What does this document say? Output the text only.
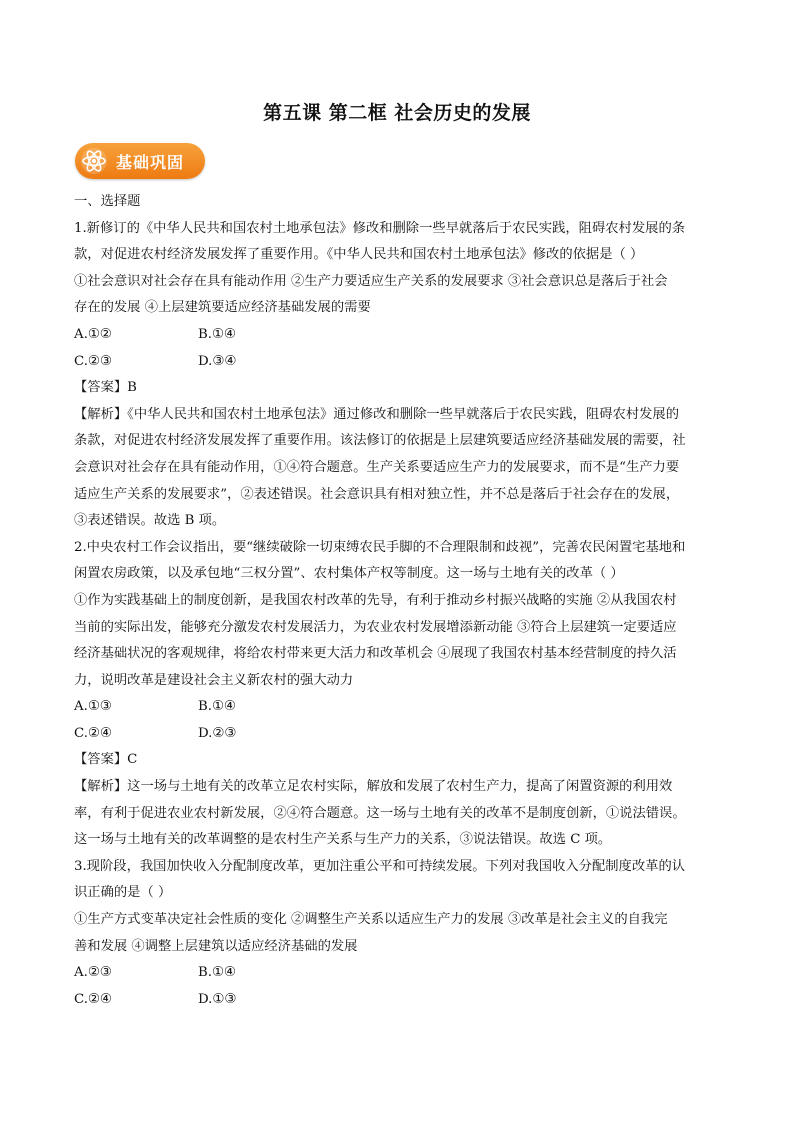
第五课 第二框 社会历史的发展
基础巩固
一、选择题
1.新修订的《中华人民共和国农村土地承包法》修改和删除一些早就落后于农民实践，阻碍农村发展的条
款，对促进农村经济发展发挥了重要作用。《中华人民共和国农村土地承包法》修改的依据是（ ）
①社会意识对社会存在具有能动作用 ②生产力要适应生产关系的发展要求 ③社会意识总是落后于社会
存在的发展 ④上层建筑要适应经济基础发展的需要
A.①②	B.①④
C.②③	D.③④
【答案】B
【解析】《中华人民共和国农村土地承包法》通过修改和删除一些早就落后于农民实践，阻碍农村发展的
条款，对促进农村经济发展发挥了重要作用。该法修订的依据是上层建筑要适应经济基础发展的需要，社
会意识对社会存在具有能动作用，①④符合题意。生产关系要适应生产力的发展要求，而不是“生产力要
适应生产关系的发展要求”，②表述错误。社会意识具有相对独立性，并不总是落后于社会存在的发展，
③表述错误。故选 B 项。
2.中央农村工作会议指出，要“继续破除一切束缚农民手脚的不合理限制和歧视”，完善农民闲置宅基地和
闲置农房政策，以及承包地“三权分置”、农村集体产权等制度。这一场与土地有关的改革（ ）
①作为实践基础上的制度创新，是我国农村改革的先导，有利于推动乡村振兴战略的实施 ②从我国农村
当前的实际出发，能够充分激发农村发展活力，为农业农村发展增添新动能 ③符合上层建筑一定要适应
经济基础状况的客观规律，将给农村带来更大活力和改革机会 ④展现了我国农村基本经营制度的持久活
力，说明改革是建设社会主义新农村的强大动力
A.①③	B.①④
C.②④	D.②③
【答案】C
【解析】这一场与土地有关的改革立足农村实际，解放和发展了农村生产力，提高了闲置资源的利用效
率，有利于促进农业农村新发展，②④符合题意。这一场与土地有关的改革不是制度创新，①说法错误。
这一场与土地有关的改革调整的是农村生产关系与生产力的关系，③说法错误。故选 C 项。
3.现阶段，我国加快收入分配制度改革，更加注重公平和可持续发展。下列对我国收入分配制度改革的认
识正确的是（ ）
①生产方式变革决定社会性质的变化 ②调整生产关系以适应生产力的发展 ③改革是社会主义的自我完
善和发展 ④调整上层建筑以适应经济基础的发展
A.②③	B.①④
C.②④	D.①③
